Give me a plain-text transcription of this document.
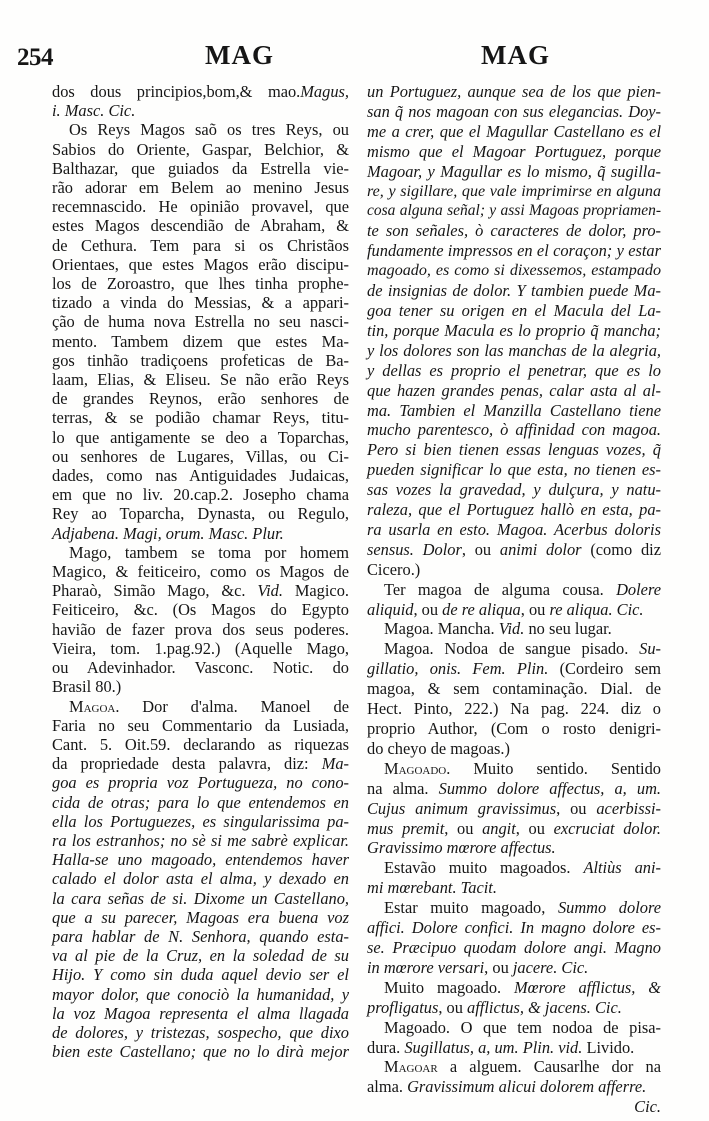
254	MAG	MAG
dos dous principios,bom,& mao.Magus,
i. Masc. Cic.
Os Reys Magos saõ os tres Reys, ou
Sabios do Oriente, Gaspar, Belchior, &
Balthazar, que guiados da Estrella vie-
rão adorar em Belem ao menino Jesus
recemnascido. He opinião provavel, que
estes Magos descendião de Abraham, &
de Cethura. Tem para si os Christãos
Orientaes, que estes Magos erão discipu-
los de Zoroastro, que lhes tinha prophe-
tizado a vinda do Messias, & a appari-
ção de huma nova Estrella no seu nasci-
mento. Tambem dizem que estes Ma-
gos tinhão tradiçoens profeticas de Ba-
laam, Elias, & Eliseu. Se não erão Reys
de grandes Reynos, erão senhores de
terras, & se podião chamar Reys, titu-
lo que antigamente se deo a Toparchas,
ou senhores de Lugares, Villas, ou Ci-
dades, como nas Antiguidades Judaicas,
em que no liv. 20.cap.2. Josepho chama
Rey ao Toparcha, Dynasta, ou Regulo,
Adjabena. Magi, orum. Masc. Plur.
Mago, tambem se toma por homem
Magico, & feiticeiro, como os Magos de
Pharaò, Simão Mago, &c. Vid. Magico.
Feiticeiro, &c. (Os Magos do Egypto
havião de fazer prova dos seus poderes.
Vieira, tom. 1.pag.92.) (Aquelle Mago,
ou Adevinhador. Vasconc. Notic. do
Brasil 80.)
Magoa. Dor d'alma. Manoel de
Faria no seu Commentario da Lusiada,
Cant. 5. Oit.59. declarando as riquezas
da propriedade desta palavra, diz: Ma-
goa es propria voz Portugueza, no cono-
cida de otras; para lo que entendemos en
ella los Portuguezes, es singularissima pa-
ra los estranhos; no sè si me sabrè explicar.
Halla-se uno magoado, entendemos haver
calado el dolor asta el alma, y dexado en
la cara señas de si. Dixome un Castellano,
que a su parecer, Magoas era buena voz
para hablar de N. Senhora, quando esta-
va al pie de la Cruz, en la soledad de su
Hijo. Y como sin duda aquel devio ser el
mayor dolor, que conociò la humanidad, y
la voz Magoa representa el alma llagada
de dolores, y tristezas, sospecho, que dixo
bien este Castellano; que no lo dirà mejor
un Portuguez, aunque sea de los que pien-
san q̃ nos magoan con sus elegancias. Doy-
me a crer, que el Magullar Castellano es el
mismo que el Magoar Portuguez, porque
Magoar, y Magullar es lo mismo, q̃ sugilla-
re, y sigillare, que vale imprimirse en alguna
cosa alguna señal; y assi Magoas propriamen-
te son señales, ò caracteres de dolor, pro-
fundamente impressos en el coraçon; y estar
magoado, es como si dixessemos, estampado
de insignias de dolor. Y tambien puede Ma-
goa tener su origen en el Macula del La-
tin, porque Macula es lo proprio q̃ mancha;
y los dolores son las manchas de la alegria,
y dellas es proprio el penetrar, que es lo
que hazen grandes penas, calar asta al al-
ma. Tambien el Manzilla Castellano tiene
mucho parentesco, ò affinidad con magoa.
Pero si bien tienen essas lenguas vozes, q̃
pueden significar lo que esta, no tienen es-
sas vozes la gravedad, y dulçura, y natu-
raleza, que el Portuguez hallò en esta, pa-
ra usarla en esto. Magoa. Acerbus doloris
sensus. Dolor, ou animi dolor (como diz
Cicero.)
Ter magoa de alguma cousa. Dolere
aliquid, ou de re aliqua, ou re aliqua. Cic.
Magoa. Mancha. Vid. no seu lugar.
Magoa. Nodoa de sangue pisado. Su-
gillatio, onis. Fem. Plin. (Cordeiro sem
magoa, & sem contaminação. Dial. de
Hect. Pinto, 222.) Na pag. 224. diz o
proprio Author, (Com o rosto denigri-
do cheyo de magoas.)
Magoado. Muito sentido. Sentido
na alma. Summo dolore affectus, a, um.
Cujus animum gravissimus, ou acerbissi-
mus premit, ou angit, ou excruciat dolor.
Gravissimo mœrore affectus.
Estavão muito magoados. Altiùs ani-
mi mœrebant. Tacit.
Estar muito magoado, Summo dolore
affici. Dolore confici. In magno dolore es-
se. Præcipuo quodam dolore angi. Magno
in mœrore versari, ou jacere. Cic.
Muito magoado. Mœrore afflictus, &
profligatus, ou afflictus, & jacens. Cic.
Magoado. O que tem nodoa de pisa-
dura. Sugillatus, a, um. Plin. vid. Livido.
Magoar a alguem. Causarlhe dor na
alma. Gravissimum alicui dolorem afferre.
Cic.
